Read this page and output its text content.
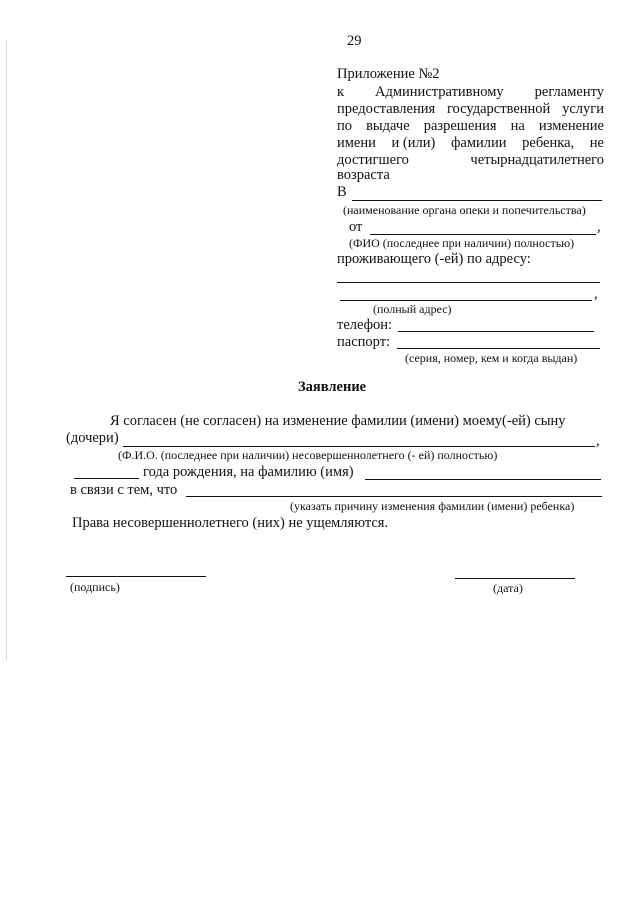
29
Приложение №2
к Административному регламенту
предоставления государственной услуги
по выдаче разрешения на изменение
имени и (или) фамилии ребенка, не
достигшего	четырнадцатилетнего
возраста
В
(наименование органа опеки и попечительства)
от	,
(ФИО (последнее при наличии) полностью)
проживающего (-ей) по адресу:
,
(полный адрес)
телефон:
паспорт:
(серия, номер, кем и когда выдан)
Заявление
Я согласен (не согласен) на изменение фамилии (имени) моему(-ей) сыну
(дочери)	,
(Ф.И.О. (последнее при наличии) несовершеннолетнего (- ей) полностью)
года рождения, на фамилию (имя)
в связи с тем, что
(указать причину изменения фамилии (имени) ребенка)
Права несовершеннолетнего (них) не ущемляются.
(подпись)	(дата)
